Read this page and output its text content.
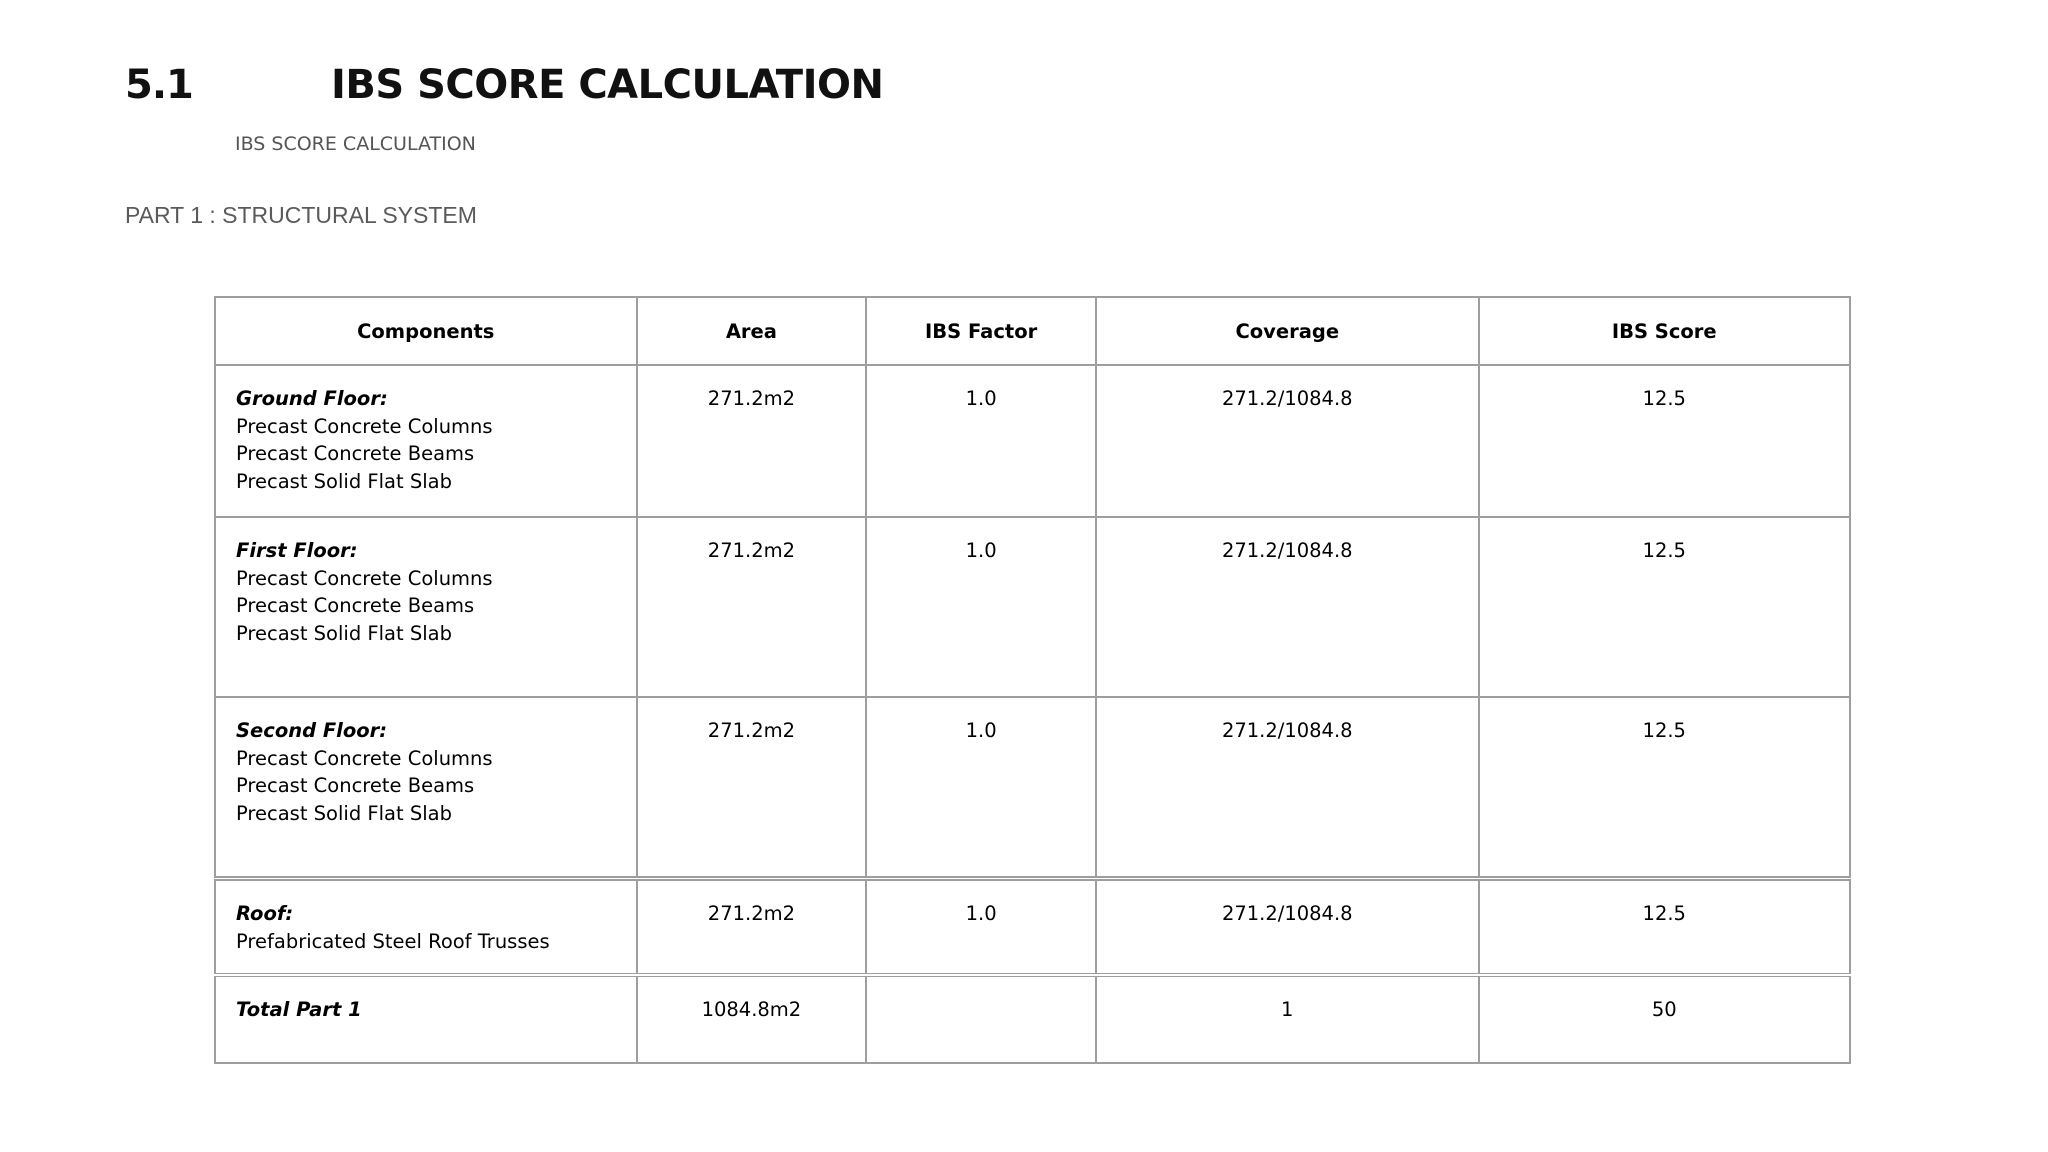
5.1	IBS SCORE CALCULATION
IBS SCORE CALCULATION
PART 1 : STRUCTURAL SYSTEM
Components	Area	IBS Factor	Coverage	IBS Score

Ground Floor:
Precast Concrete Columns
Precast Concrete Beams
Precast Solid Flat Slab	271.2m2	1.0	271.2/1084.8	12.5

First Floor:
Precast Concrete Columns
Precast Concrete Beams
Precast Solid Flat Slab	271.2m2	1.0	271.2/1084.8	12.5

Second Floor:
Precast Concrete Columns
Precast Concrete Beams
Precast Solid Flat Slab	271.2m2	1.0	271.2/1084.8	12.5

Roof:
Prefabricated Steel Roof Trusses	271.2m2	1.0	271.2/1084.8	12.5

Total Part 1	1084.8m2		1	50
